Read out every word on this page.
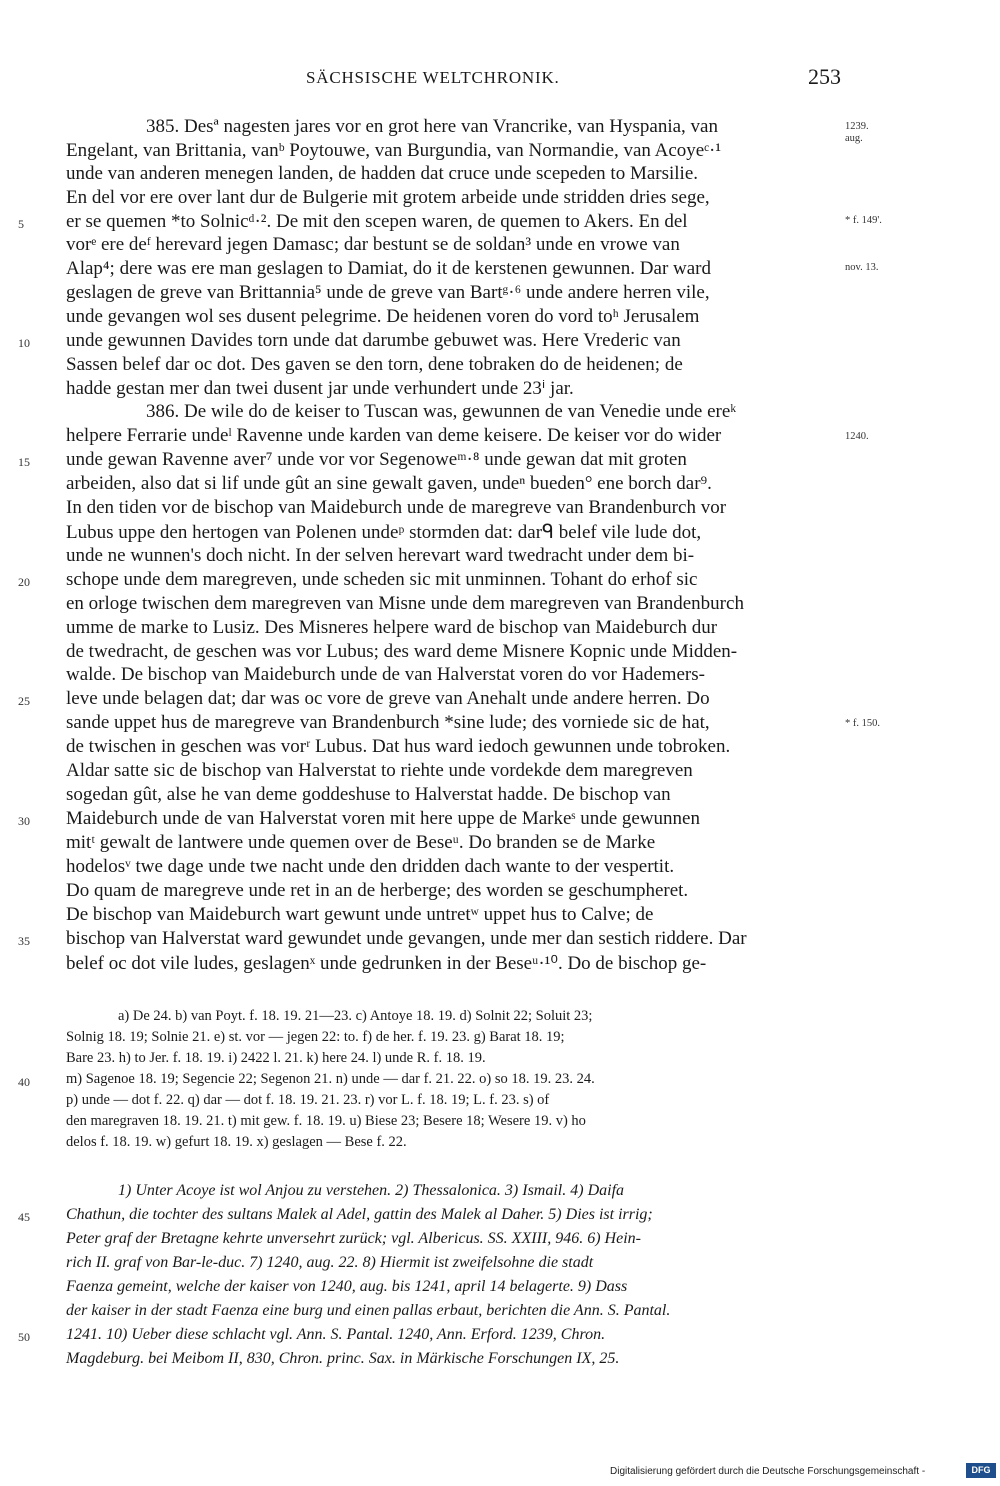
SÄCHSISCHE WELTCHRONIK.	253
385. Desª nagesten jares vor en grot here van Vrancrike, van Hyspania, van
Engelant, van Brittania, vanᵇ Poytouwe, van Burgundia, van Normandie, van Acoyeᶜ·¹
unde van anderen menegen landen, de hadden dat cruce unde scepeden to Marsilie.
En del vor ere over lant dur de Bulgerie mit grotem arbeide unde stridden dries sege,
er se quemen *to Solnicᵈ·². De mit den scepen waren, de quemen to Akers. En del
vorᵉ ere deᶠ herevard jegen Damasc; dar bestunt se de soldan³ unde en vrowe van
Alap⁴; dere was ere man geslagen to Damiat, do it de kerstenen gewunnen. Dar ward
geslagen de greve van Brittannia⁵ unde de greve van Bartᵍ·⁶ unde andere herren vile,
unde gevangen wol ses dusent pelegrime. De heidenen voren do vord toʰ Jerusalem
unde gewunnen Davides torn unde dat darumbe gebuwet was. Here Vrederic van
Sassen belef dar oc dot. Des gaven se den torn, dene tobraken do de heidenen; de
hadde gestan mer dan twei dusent jar unde verhundert unde 23ⁱ jar.
386. De wile do de keiser to Tuscan was, gewunnen de van Venedie unde ereᵏ
helpere Ferrarie undeˡ Ravenne unde karden van deme keisere. De keiser vor do wider
unde gewan Ravenne aver⁷ unde vor vor Segenoweᵐ·⁸ unde gewan dat mit groten
arbeiden, also dat si lif unde gût an sine gewalt gaven, undeⁿ bueden° ene borch dar⁹.
In den tiden vor de bischop van Maideburch unde de maregreve van Brandenburch vor
Lubus uppe den hertogen van Polenen undeᵖ stormden dat: darᑫ belef vile lude dot,
unde ne wunnen's doch nicht. In der selven herevart ward twedracht under dem bi-
schope unde dem maregreven, unde scheden sic mit unminnen. Tohant do erhof sic
en orloge twischen dem maregreven van Misne unde dem maregreven van Brandenburch
umme de marke to Lusiz. Des Misneres helpere ward de bischop van Maideburch dur
de twedracht, de geschen was vor Lubus; des ward deme Misnere Kopnic unde Midden-
walde. De bischop van Maideburch unde de van Halverstat voren do vor Hademers-
leve unde belagen dat; dar was oc vore de greve van Anehalt unde andere herren. Do
sande uppet hus de maregreve van Brandenburch *sine lude; des vorniede sic de hat,
de twischen in geschen was vorʳ Lubus. Dat hus ward iedoch gewunnen unde tobroken.
Aldar satte sic de bischop van Halverstat to riehte unde vordekde dem maregreven
sogedan gût, alse he van deme goddeshuse to Halverstat hadde. De bischop van
Maideburch unde de van Halverstat voren mit here uppe de Markeˢ unde gewunnen
mitᵗ gewalt de lantwere unde quemen over de Beseᵘ. Do branden se de Marke
hodelosᵛ twe dage unde twe nacht unde den dridden dach wante to der vespertit.
Do quam de maregreve unde ret in an de herberge; des worden se geschumpheret.
De bischop van Maideburch wart gewunt unde untretʷ uppet hus to Calve; de
bischop van Halverstat ward gewundet unde gevangen, unde mer dan sestich riddere. Dar
belef oc dot vile ludes, geslagenˣ unde gedrunken in der Beseᵘ·¹⁰. Do de bischop ge-
a) De 24. b) van Poyt. f. 18. 19. 21—23. c) Antoye 18. 19. d) Solnit 22; Soluit 23;
Solnig 18. 19; Solnie 21. e) st. vor — jegen 22: to. f) de her. f. 19. 23. g) Barat 18. 19;
Bare 23. h) to Jer. f. 18. 19. i) 2422 l. 21. k) here 24. l) unde R. f. 18. 19.
m) Sagenoe 18. 19; Segencie 22; Segenon 21. n) unde — dar f. 21. 22. o) so 18. 19. 23. 24.
p) unde — dot f. 22. q) dar — dot f. 18. 19. 21. 23. r) vor L. f. 18. 19; L. f. 23. s) of
den maregraven 18. 19. 21. t) mit gew. f. 18. 19. u) Biese 23; Besere 18; Wesere 19. v) ho
delos f. 18. 19. w) gefurt 18. 19. x) geslagen — Bese f. 22.
1) Unter Acoye ist wol Anjou zu verstehen. 2) Thessalonica. 3) Ismail. 4) Daifa
Chathun, die tochter des sultans Malek al Adel, gattin des Malek al Daher. 5) Dies ist irrig;
Peter graf der Bretagne kehrte unversehrt zurück; vgl. Albericus. SS. XXIII, 946. 6) Hein-
rich II. graf von Bar-le-duc. 7) 1240, aug. 22. 8) Hiermit ist zweifelsohne die stadt
Faenza gemeint, welche der kaiser von 1240, aug. bis 1241, april 14 belagerte. 9) Dass
der kaiser in der stadt Faenza eine burg und einen pallas erbaut, berichten die Ann. S. Pantal.
1241. 10) Ueber diese schlacht vgl. Ann. S. Pantal. 1240, Ann. Erford. 1239, Chron.
Magdeburg. bei Meibom II, 830, Chron. princ. Sax. in Märkische Forschungen IX, 25.
5
10
15
20
25
30
35
40
45
50
1239.
aug.
* f. 149'.
nov. 13.
1240.
* f. 150.
Digitalisierung gefördert durch die Deutsche Forschungsgemeinschaft -	DFG
